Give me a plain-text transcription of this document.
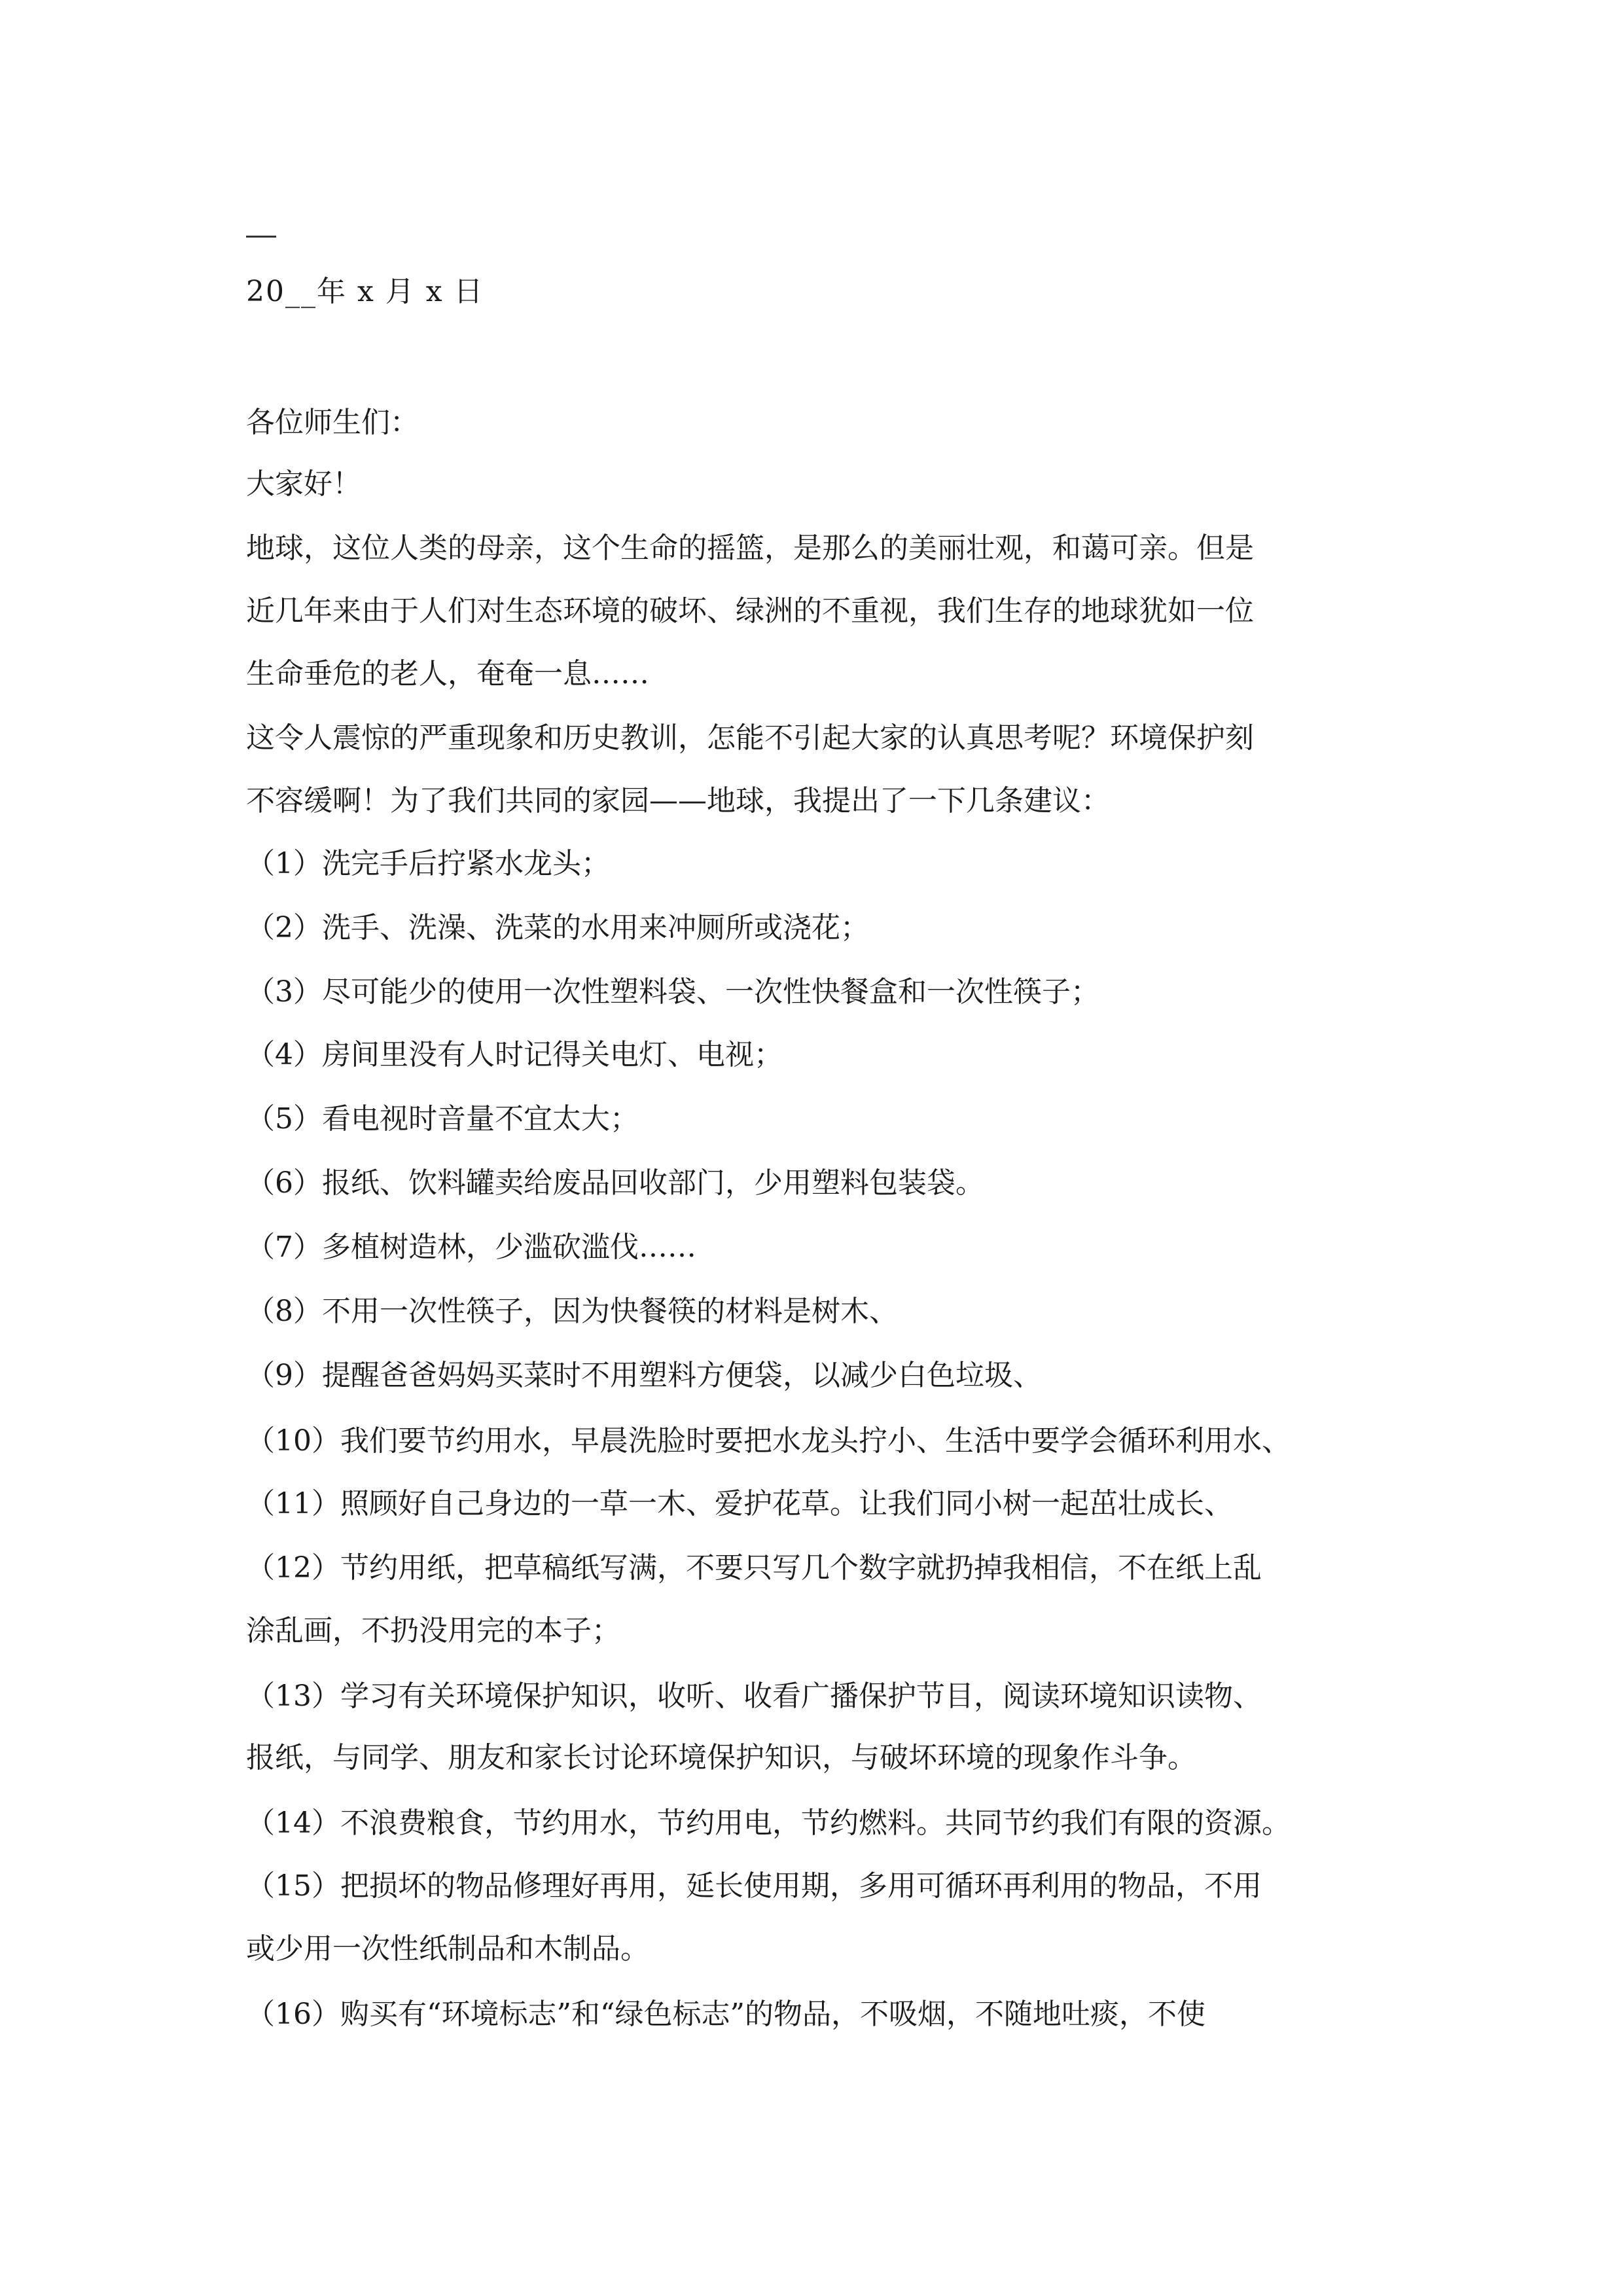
20__年 x 月 x 日
各位师生们：
大家好！
地球，这位人类的母亲，这个生命的摇篮，是那么的美丽壮观，和蔼可亲。但是
近几年来由于人们对生态环境的破坏、绿洲的不重视，我们生存的地球犹如一位
生命垂危的老人，奄奄一息……
这令人震惊的严重现象和历史教训，怎能不引起大家的认真思考呢？环境保护刻
不容缓啊！为了我们共同的家园——地球，我提出了一下几条建议：
（1）洗完手后拧紧水龙头；
（2）洗手、洗澡、洗菜的水用来冲厕所或浇花；
（3）尽可能少的使用一次性塑料袋、一次性快餐盒和一次性筷子；
（4）房间里没有人时记得关电灯、电视；
（5）看电视时音量不宜太大；
（6）报纸、饮料罐卖给废品回收部门，少用塑料包装袋。
（7）多植树造林，少滥砍滥伐……
（8）不用一次性筷子，因为快餐筷的材料是树木、
（9）提醒爸爸妈妈买菜时不用塑料方便袋，以减少白色垃圾、
（10）我们要节约用水，早晨洗脸时要把水龙头拧小、生活中要学会循环利用水、
（11）照顾好自己身边的一草一木、爱护花草。让我们同小树一起茁壮成长、
（12）节约用纸，把草稿纸写满，不要只写几个数字就扔掉我相信，不在纸上乱
涂乱画，不扔没用完的本子；
（13）学习有关环境保护知识，收听、收看广播保护节目，阅读环境知识读物、
报纸，与同学、朋友和家长讨论环境保护知识，与破坏环境的现象作斗争。
（14）不浪费粮食，节约用水，节约用电，节约燃料。共同节约我们有限的资源。
（15）把损坏的物品修理好再用，延长使用期，多用可循环再利用的物品，不用
或少用一次性纸制品和木制品。
（16）购买有“环境标志”和“绿色标志”的物品，不吸烟，不随地吐痰，不使
